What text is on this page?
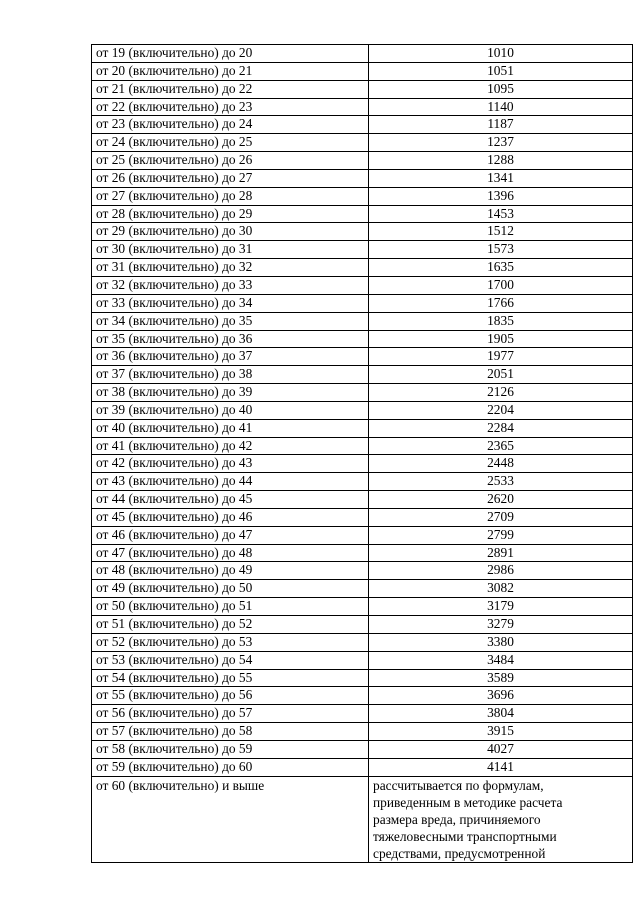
от 19 (включительно) до 20	1010
от 20 (включительно) до 21	1051
от 21 (включительно) до 22	1095
от 22 (включительно) до 23	1140
от 23 (включительно) до 24	1187
от 24 (включительно) до 25	1237
от 25 (включительно) до 26	1288
от 26 (включительно) до 27	1341
от 27 (включительно) до 28	1396
от 28 (включительно) до 29	1453
от 29 (включительно) до 30	1512
от 30 (включительно) до 31	1573
от 31 (включительно) до 32	1635
от 32 (включительно) до 33	1700
от 33 (включительно) до 34	1766
от 34 (включительно) до 35	1835
от 35 (включительно) до 36	1905
от 36 (включительно) до 37	1977
от 37 (включительно) до 38	2051
от 38 (включительно) до 39	2126
от 39 (включительно) до 40	2204
от 40 (включительно) до 41	2284
от 41 (включительно) до 42	2365
от 42 (включительно) до 43	2448
от 43 (включительно) до 44	2533
от 44 (включительно) до 45	2620
от 45 (включительно) до 46	2709
от 46 (включительно) до 47	2799
от 47 (включительно) до 48	2891
от 48 (включительно) до 49	2986
от 49 (включительно) до 50	3082
от 50 (включительно) до 51	3179
от 51 (включительно) до 52	3279
от 52 (включительно) до 53	3380
от 53 (включительно) до 54	3484
от 54 (включительно) до 55	3589
от 55 (включительно) до 56	3696
от 56 (включительно) до 57	3804
от 57 (включительно) до 58	3915
от 58 (включительно) до 59	4027
от 59 (включительно) до 60	4141
от 60 (включительно) и выше	рассчитывается по формулам, приведенным в методике расчета размера вреда, причиняемого тяжеловесными транспортными средствами, предусмотренной
